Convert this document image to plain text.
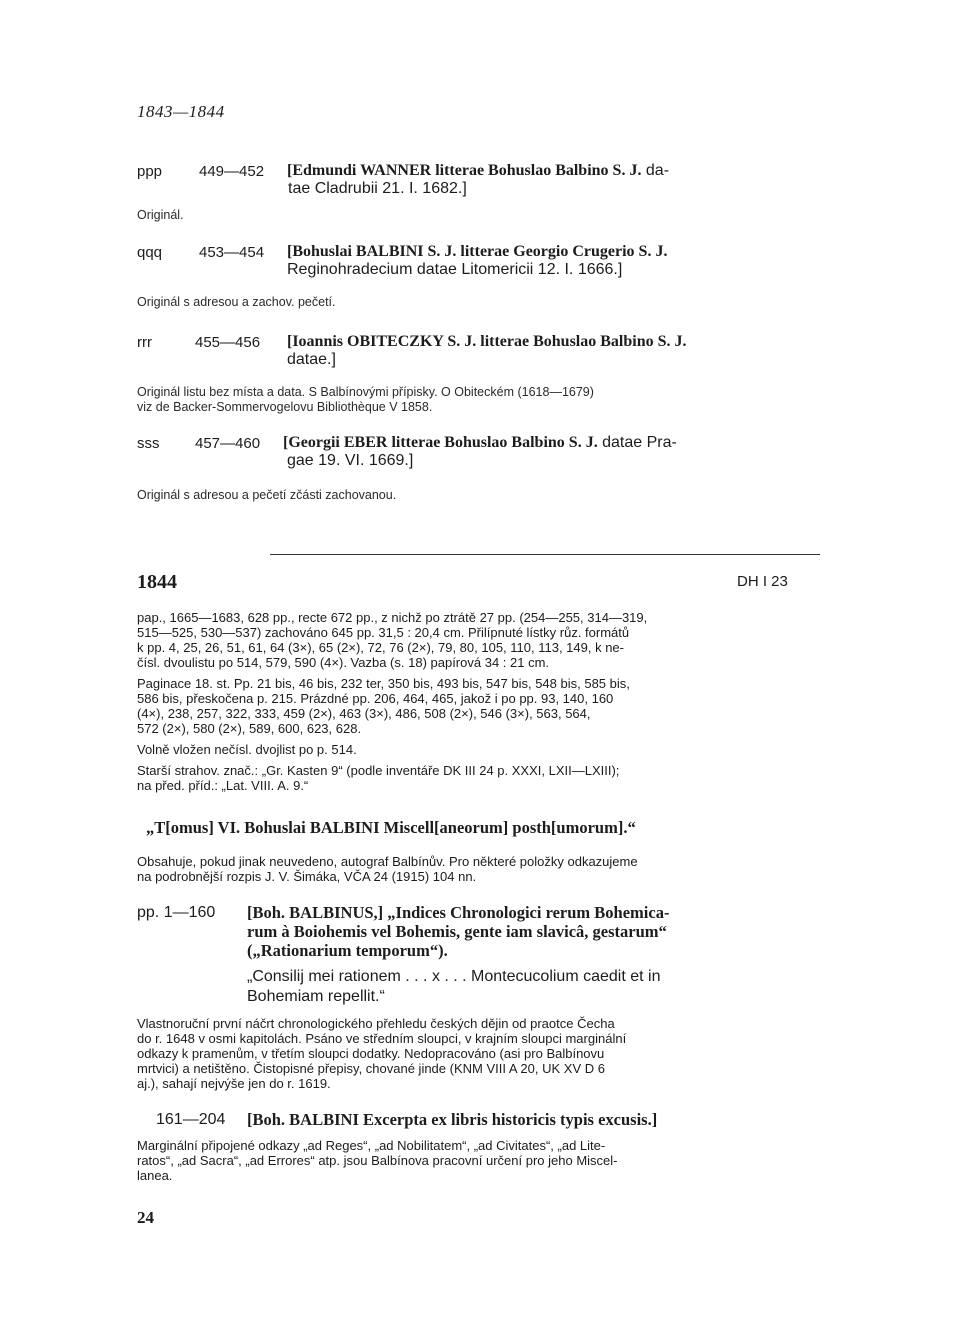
1843—1844
ppp 449—452 [Edmundi WANNER litterae Bohuslao Balbino S. J. da-
tae Cladrubii 21. I. 1682.]
Originál.
qqq 453—454 [Bohuslai BALBINI S. J. litterae Georgio Crugerio S. J.
Reginohradecium datae Litomericii 12. I. 1666.]
Originál s adresou a zachov. pečetí.
rrr	455—456 [Ioannis OBITECZKY S. J. litterae Bohuslao Balbino S. J.
datae.]
Originál listu bez místa a data. S Balbínovými přípisky. O Obiteckém (1618—1679)
viz de Backer-Sommervogelovu Bibliothèque V 1858.
sss 457—460 [Georgii EBER litterae Bohuslao Balbino S. J. datae Pra-
gae 19. VI. 1669.]
Originál s adresou a pečetí zčásti zachovanou.
1844	DH I 23
pap., 1665—1683, 628 pp., recte 672 pp., z nichž po ztrátě 27 pp. (254—255, 314—319,
515—525, 530—537) zachováno 645 pp. 31,5 : 20,4 cm. Přilípnuté lístky růz. formátů
k pp. 4, 25, 26, 51, 61, 64 (3×), 65 (2×), 72, 76 (2×), 79, 80, 105, 110, 113, 149, k ne-
čísl. dvoulistu po 514, 579, 590 (4×). Vazba (s. 18) papírová 34 : 21 cm.
Paginace 18. st. Pp. 21 bis, 46 bis, 232 ter, 350 bis, 493 bis, 547 bis, 548 bis, 585 bis,
586 bis, přeskočena p. 215. Prázdné pp. 206, 464, 465, jakož i po pp. 93, 140, 160
(4×), 238, 257, 322, 333, 459 (2×), 463 (3×), 486, 508 (2×), 546 (3×), 563, 564,
572 (2×), 580 (2×), 589, 600, 623, 628.
Volně vložen nečísl. dvojlist po p. 514.
Starší strahov. znač.: „Gr. Kasten 9“ (podle inventáře DK III 24 p. XXXI, LXII—LXIII);
na před. příd.: „Lat. VIII. A. 9.“
„T[omus] VI. Bohuslai BALBINI Miscell[aneorum] posth[umorum].“
Obsahuje, pokud jinak neuvedeno, autograf Balbínův. Pro některé položky odkazujeme
na podrobnější rozpis J. V. Šimáka, VČA 24 (1915) 104 nn.
pp. 1—160 [Boh. BALBINUS,] „Indices Chronologici rerum Bohemica-
rum à Boiohemis vel Bohemis, gente iam slavicâ, gestarum“
(„Rationarium temporum“).
„Consilij mei rationem . . . x . . . Montecucolium caedit et in
Bohemiam repellit.“
Vlastnoruční první náčrt chronologického přehledu českých dějin od praotce Čecha
do r. 1648 v osmi kapitolách. Psáno ve středním sloupci, v krajním sloupci marginální
odkazy k pramenům, v třetím sloupci dodatky. Nedopracováno (asi pro Balbínovu
mrtvici) a netištěno. Čistopisné přepisy, chované jinde (KNM VIII A 20, UK XV D 6
aj.), sahají nejvýše jen do r. 1619.
161—204 [Boh. BALBINI Excerpta ex libris historicis typis excusis.]
Marginální připojené odkazy „ad Reges“, „ad Nobilitatem“, „ad Civitates“, „ad Lite-
ratos“, „ad Sacra“, „ad Errores“ atp. jsou Balbínova pracovní určení pro jeho Miscel-
lanea.
24
